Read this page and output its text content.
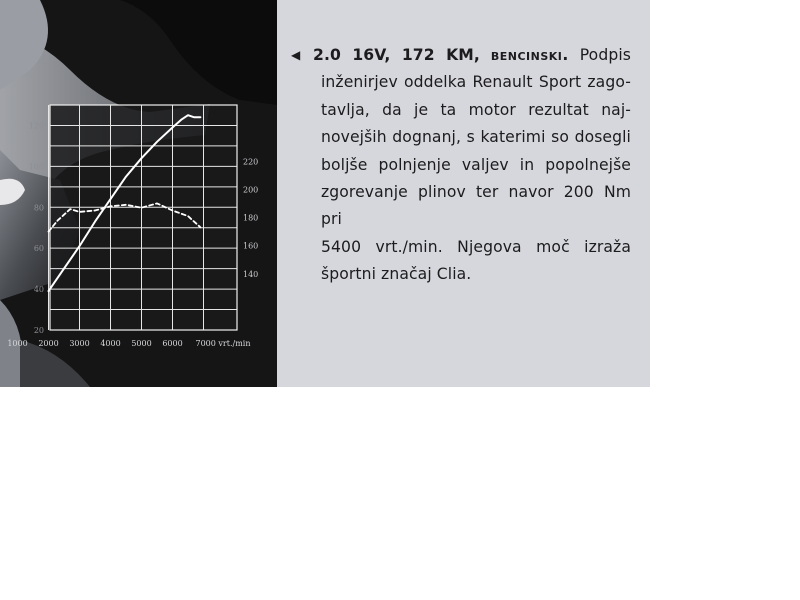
20
40
60
80
100
120
140
160
180
200
220
1000 2000 3000 4000 5000 6000 7000 vrt./min
◀ 2.0 16V, 172 KM, bencinski. Podpis
inženirjev oddelka Renault Sport zago-
tavlja, da je ta motor rezultat naj-
novejših dognanj, s katerimi so dosegli
boljše polnjenje valjev in popolnejše
zgorevanje plinov ter navor 200 Nm pri
5400 vrt./min. Njegova moč izraža
športni značaj Clia.
